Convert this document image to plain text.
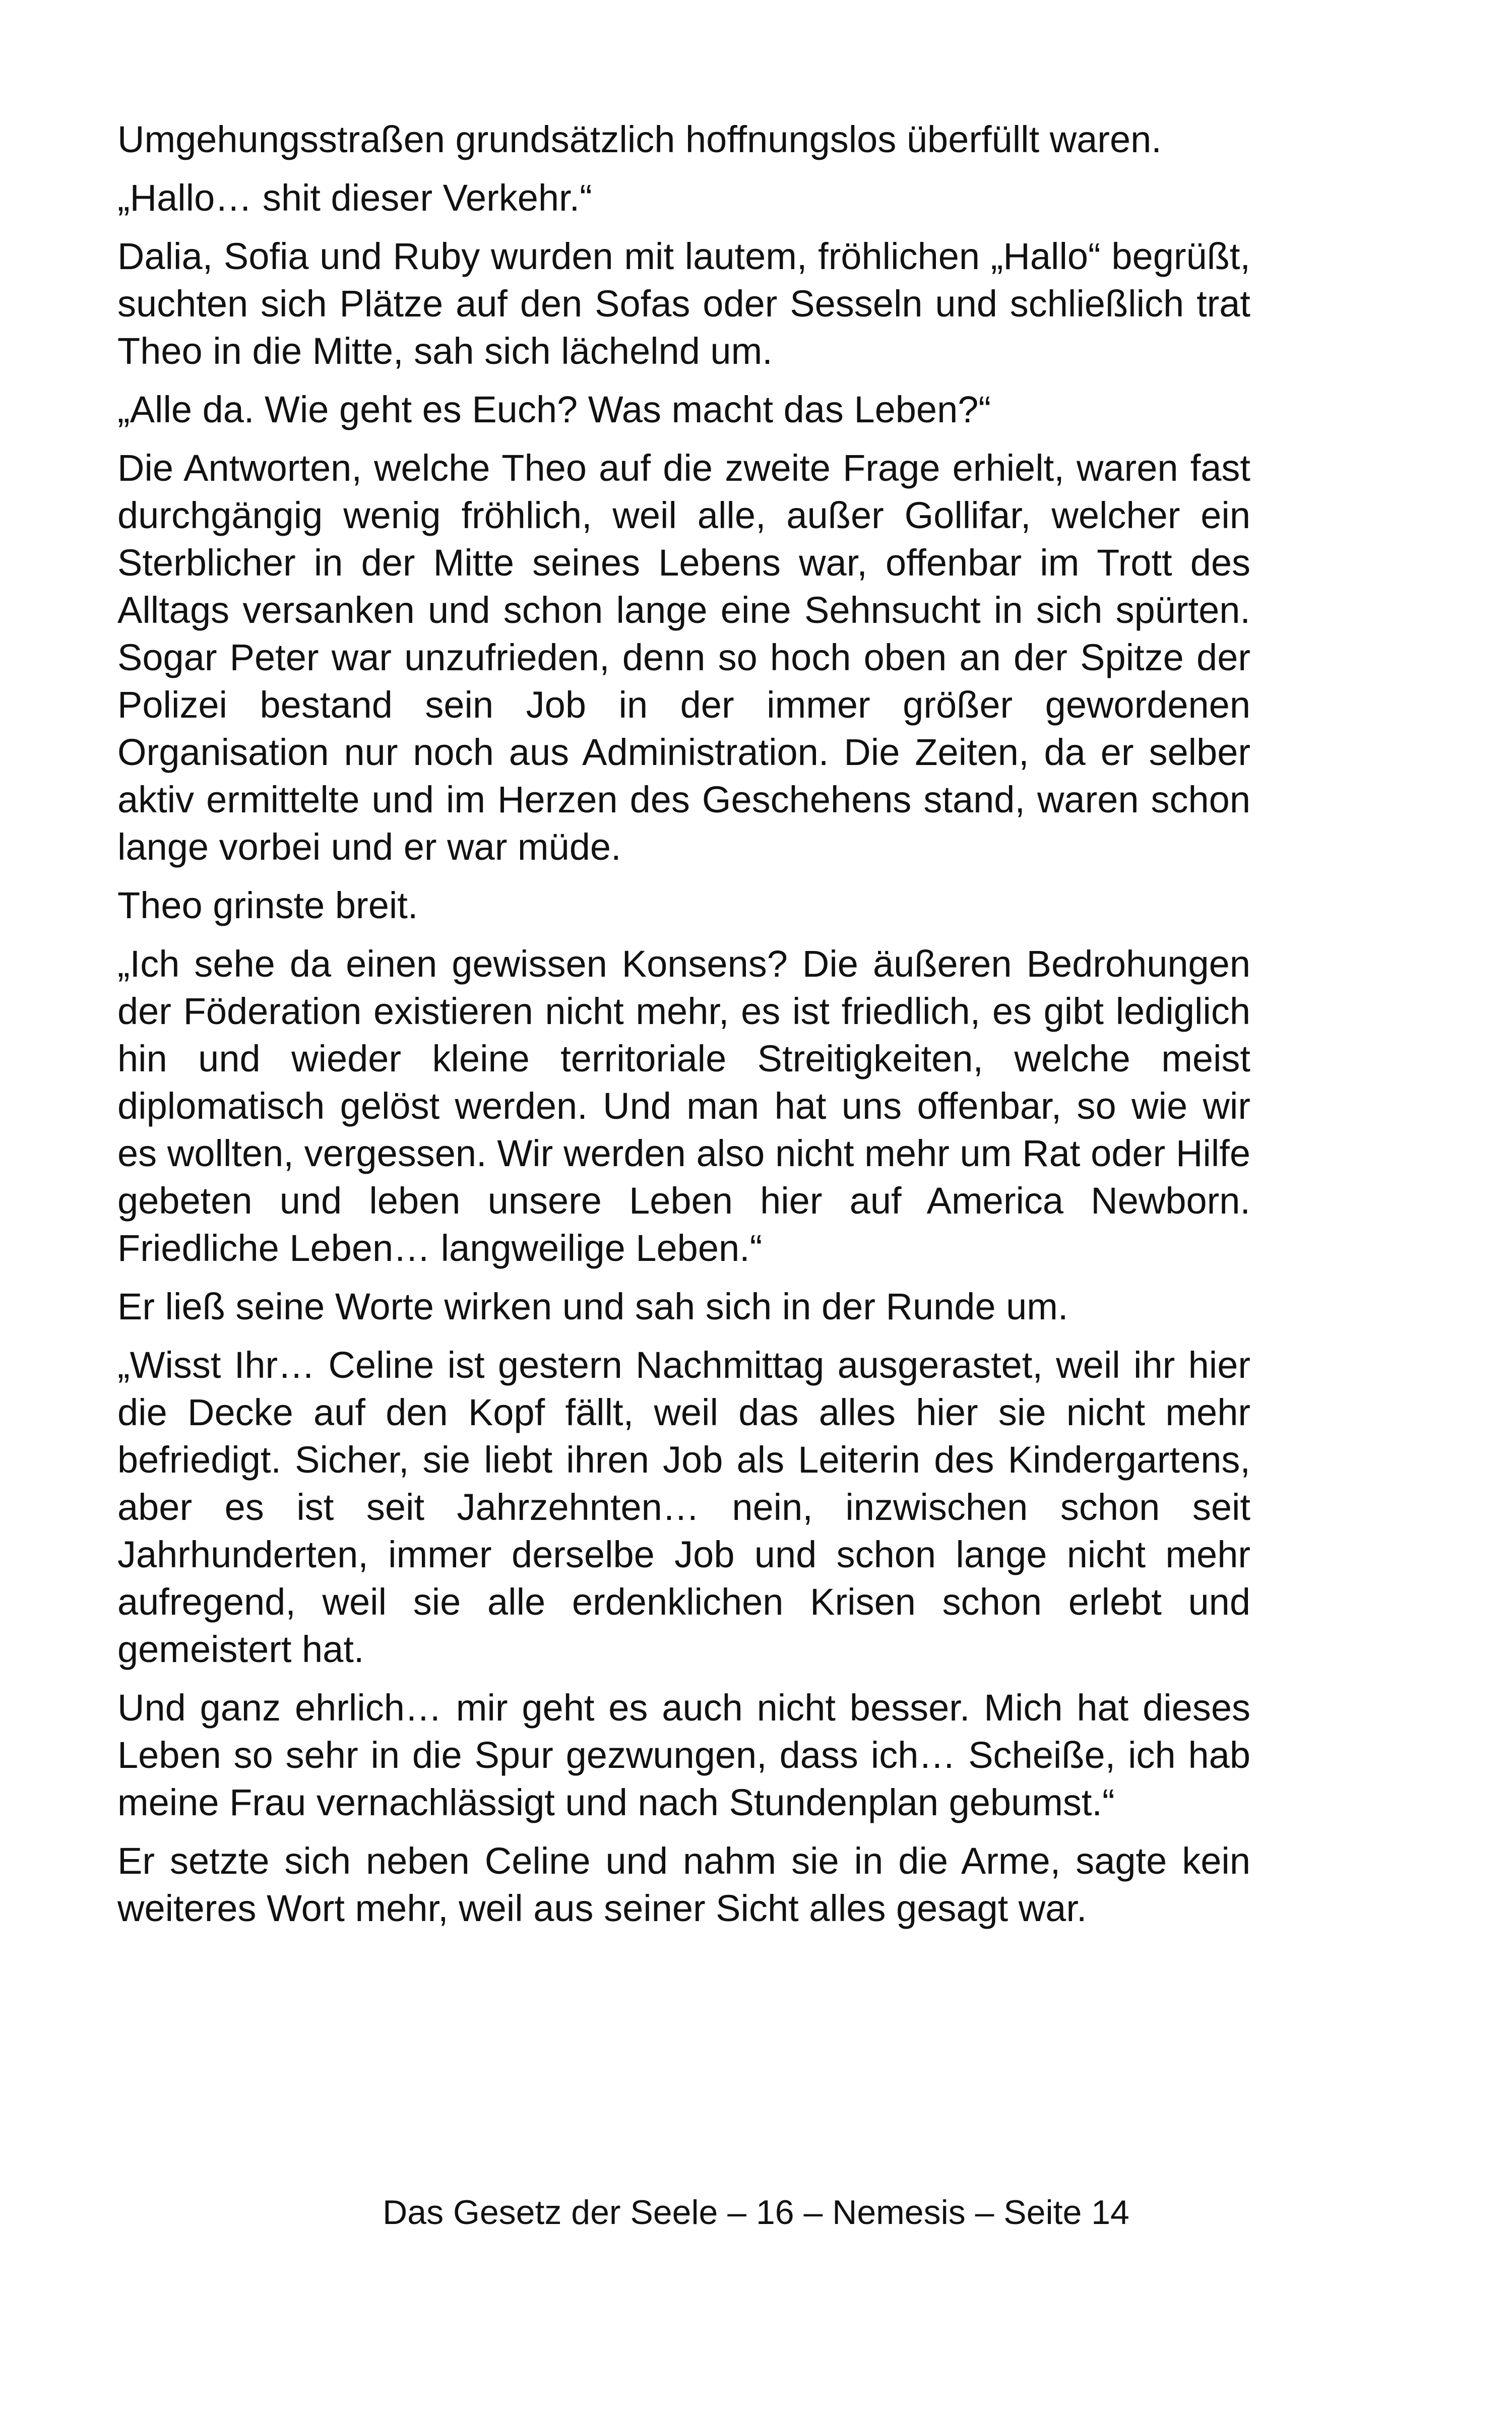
Umgehungsstraßen grundsätzlich hoffnungslos überfüllt waren.

„Hallo… shit dieser Verkehr.“

Dalia, Sofia und Ruby wurden mit lautem, fröhlichen „Hallo“ begrüßt, suchten sich Plätze auf den Sofas oder Sesseln und schließlich trat Theo in die Mitte, sah sich lächelnd um.

„Alle da. Wie geht es Euch? Was macht das Leben?“

Die Antworten, welche Theo auf die zweite Frage erhielt, waren fast durchgängig wenig fröhlich, weil alle, außer Gollifar, welcher ein Sterblicher in der Mitte seines Lebens war, offenbar im Trott des Alltags versanken und schon lange eine Sehnsucht in sich spürten. Sogar Peter war unzufrieden, denn so hoch oben an der Spitze der Polizei bestand sein Job in der immer größer gewordenen Organisation nur noch aus Administration. Die Zeiten, da er selber aktiv ermittelte und im Herzen des Geschehens stand, waren schon lange vorbei und er war müde.

Theo grinste breit.

„Ich sehe da einen gewissen Konsens? Die äußeren Bedrohungen der Föderation existieren nicht mehr, es ist friedlich, es gibt lediglich hin und wieder kleine territoriale Streitigkeiten, welche meist diplomatisch gelöst werden. Und man hat uns offenbar, so wie wir es wollten, vergessen. Wir werden also nicht mehr um Rat oder Hilfe gebeten und leben unsere Leben hier auf America Newborn. Friedliche Leben… langweilige Leben.“

Er ließ seine Worte wirken und sah sich in der Runde um.

„Wisst Ihr… Celine ist gestern Nachmittag ausgerastet, weil ihr hier die Decke auf den Kopf fällt, weil das alles hier sie nicht mehr befriedigt. Sicher, sie liebt ihren Job als Leiterin des Kindergartens, aber es ist seit Jahrzehnten… nein, inzwischen schon seit Jahrhunderten, immer derselbe Job und schon lange nicht mehr aufregend, weil sie alle erdenklichen Krisen schon erlebt und gemeistert hat.

Und ganz ehrlich… mir geht es auch nicht besser. Mich hat dieses Leben so sehr in die Spur gezwungen, dass ich… Scheiße, ich hab meine Frau vernachlässigt und nach Stundenplan gebumst.“

Er setzte sich neben Celine und nahm sie in die Arme, sagte kein weiteres Wort mehr, weil aus seiner Sicht alles gesagt war.

Das Gesetz der Seele – 16 – Nemesis – Seite 14
